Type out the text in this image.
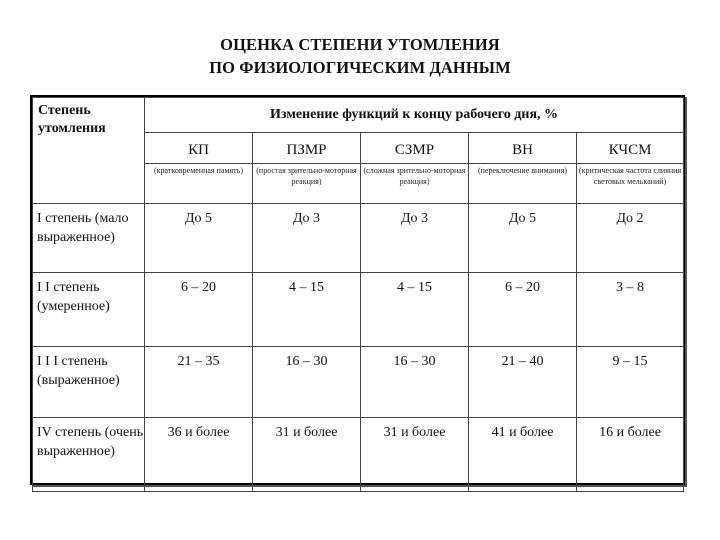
ОЦЕНКА СТЕПЕНИ УТОМЛЕНИЯ
ПО ФИЗИОЛОГИЧЕСКИМ ДАННЫМ
Степень утомления	Изменение функций к концу рабочего дня, %				
	КП	ПЗМР	СЗМР	ВН	КЧСМ
	(кратковременная память)	(простая зрительно-моторная реакция)	(сложная зрительно-моторная реакция)	(переключение внимания)	(критическая частота слияния световых мельканий)
I степень (мало выраженное)	До 5	До 3	До 3	До 5	До 2
I I степень (умеренное)	6 – 20	4 – 15	4 – 15	6 – 20	3 – 8
I I I степень (выраженное)	21 – 35	16 – 30	16 – 30	21 – 40	9 – 15
IV степень (очень выраженное)	36 и более	31 и более	31 и более	41 и более	16 и более
